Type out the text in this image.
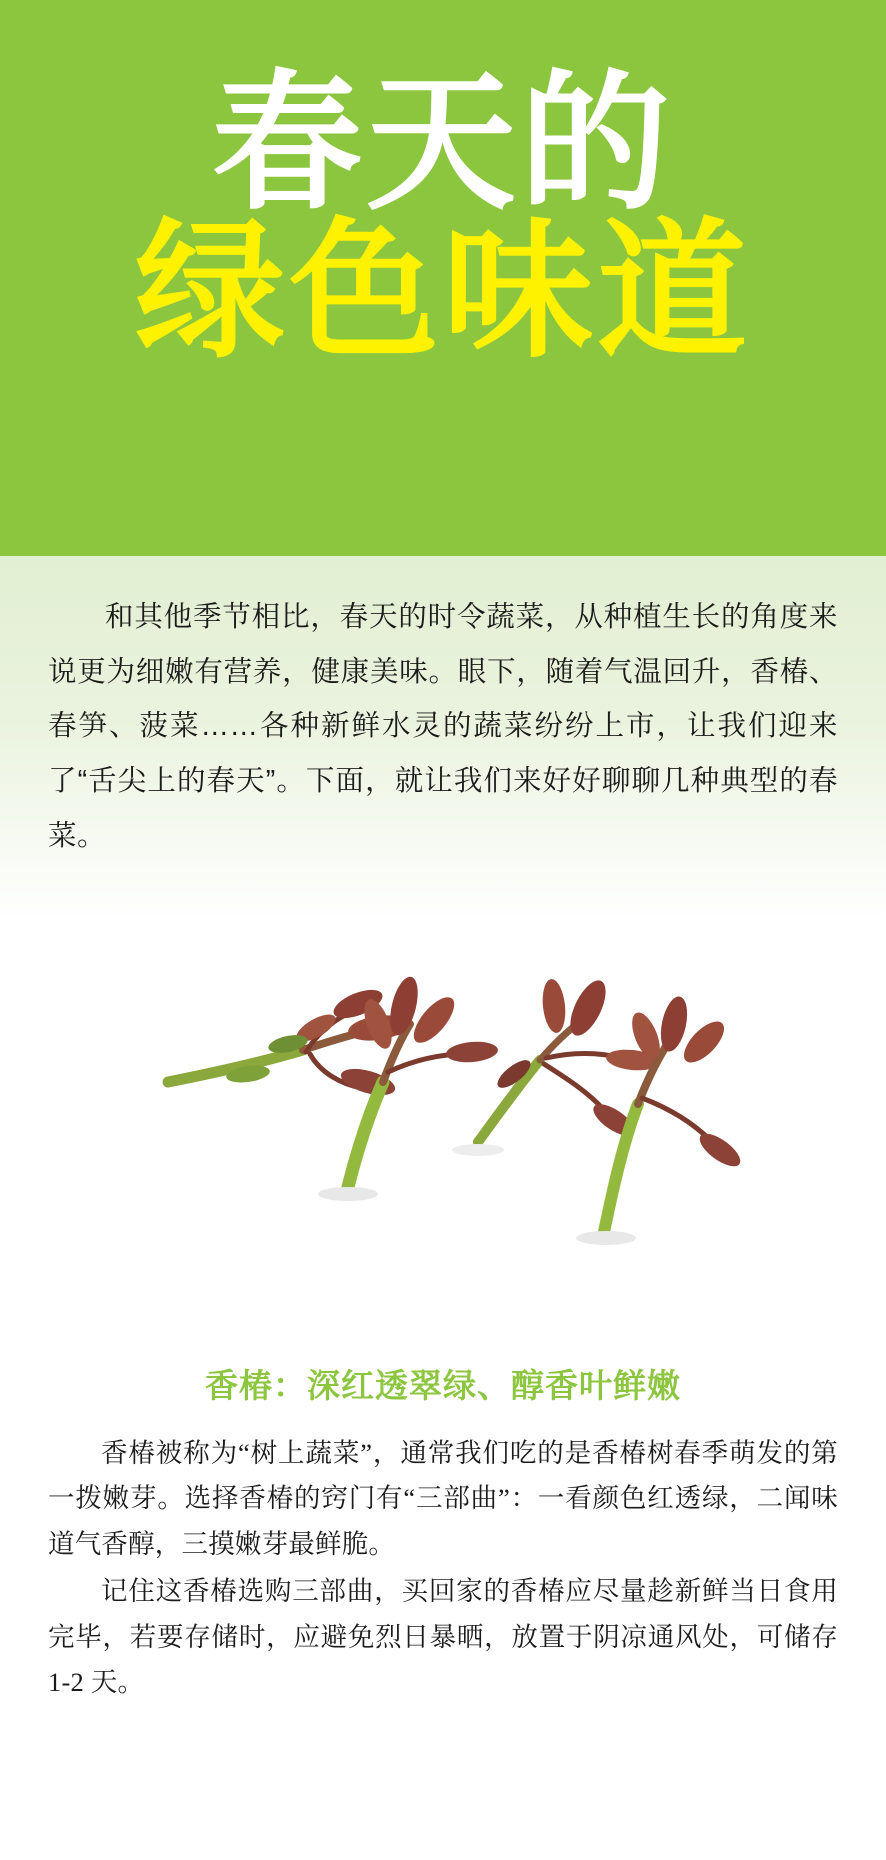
春天的
绿色味道

和其他季节相比，春天的时令蔬菜，从种植生长的角度来说更为细嫩有营养，健康美味。眼下，随着气温回升，香椿、春笋、菠菜……各种新鲜水灵的蔬菜纷纷上市，让我们迎来了“舌尖上的春天”。下面，就让我们来好好聊聊几种典型的春菜。

香椿：深红透翠绿、醇香叶鲜嫩

香椿被称为“树上蔬菜”，通常我们吃的是香椿树春季萌发的第一拨嫩芽。选择香椿的窍门有“三部曲”：一看颜色红透绿，二闻味道气香醇，三摸嫩芽最鲜脆。

记住这香椿选购三部曲，买回家的香椿应尽量趁新鲜当日食用完毕，若要存储时，应避免烈日暴晒，放置于阴凉通风处，可储存 1-2 天。
